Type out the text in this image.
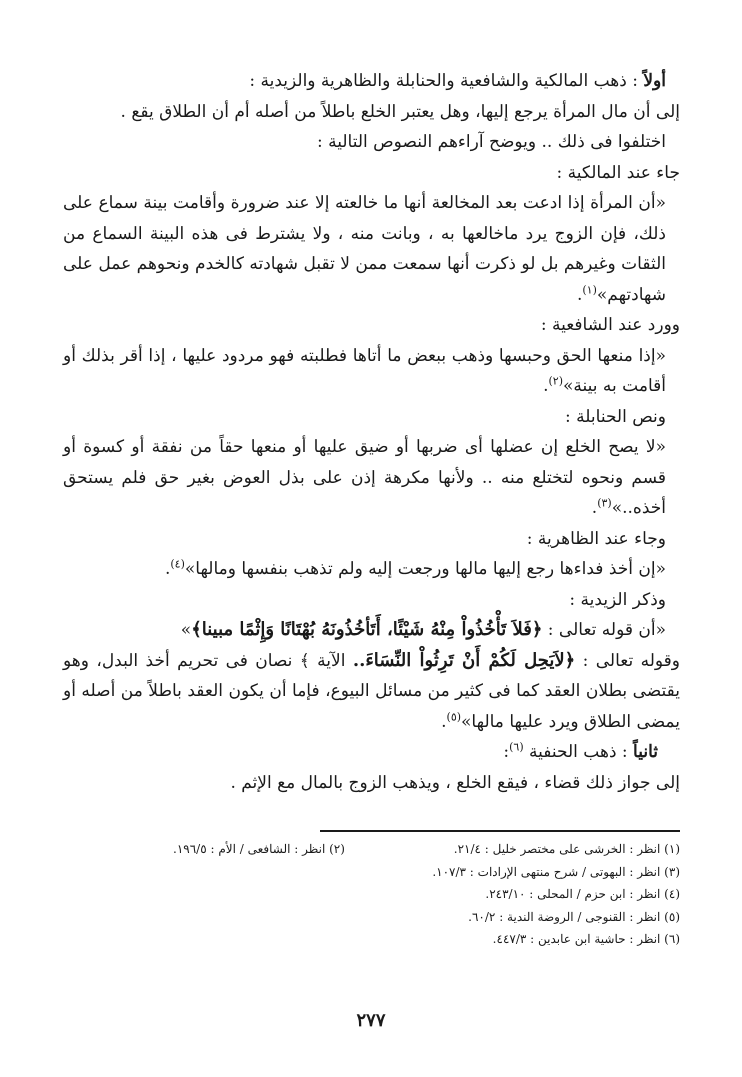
أولاً : ذهب المالكية والشافعية والحنابلة والظاهرية والزيدية :

إلى أن مال المرأة يرجع إليها، وهل يعتبر الخلع باطلاً من أصله أم أن الطلاق يقع .

اختلفوا فى ذلك .. ويوضح آراءهم النصوص التالية :

جاء عند المالكية :

«أن المرأة إذا ادعت بعد المخالعة أنها ما خالعته إلا عند ضرورة وأقامت بينة سماع على ذلك، فإن الزوج يرد ماخالعها به ، وبانت منه ، ولا يشترط فى هذه البينة السماع من الثقات وغيرهم بل لو ذكرت أنها سمعت ممن لا تقبل شهادته كالخدم ونحوهم عمل على شهادتهم»$^{(١)}$.

وورد عند الشافعية :

«إذا منعها الحق وحبسها وذهب ببعض ما أتاها فطلبته فهو مردود عليها ، إذا أقر بذلك أو أقامت به بينة»$^{(٢)}$.

ونص الحنابلة :

«لا يصح الخلع إن عضلها أى ضربها أو ضيق عليها أو منعها حقاً من نفقة أو كسوة أو قسم ونحوه لتختلع منه .. ولأنها مكرهة إذن على بذل العوض بغير حق فلم يستحق أخذه..»$^{(٣)}$.

وجاء عند الظاهرية :

«إن أخذ فداءها رجع إليها مالها ورجعت إليه ولم تذهب بنفسها ومالها»$^{(٤)}$.

وذكر الزيدية :

«أن قوله تعالى : ﴿فَلاَ تَأْخُذُواْ مِنْهُ شَيْئًا، أَتَأخُذُونَهُ بُهْتَانًا وَإِثْمًا مبينا﴾»

وقوله تعالى : ﴿لاَيَحِل لَكُمْ أَنْ تَرِثُواْ النِّسَاءَ.. الآية ﴾ نصان فى تحريم أخذ البدل، وهو يقتضى بطلان العقد كما فى كثير من مسائل البيوع، فإما أن يكون العقد باطلاً من أصله أو يمضى الطلاق ويرد عليها مالها»$^{(٥)}$.

ثانياً : ذهب الحنفية $^{(٦)}$:

إلى جواز ذلك قضاء ، فيقع الخلع ، ويذهب الزوج بالمال مع الإثم .

(١) انظر : الخرشى على مختصر خليل : ٢١/٤.
(٢) انظر : الشافعى / الأم : ١٩٦/٥.
(٣) انظر : البهوتى / شرح منتهى الإرادات : ١٠٧/٣.
(٤) انظر : ابن حزم / المحلى : ٢٤٣/١٠.
(٥) انظر : القنوجى / الروضة الندية : ٦٠/٢.
(٦) انظر : حاشية ابن عابدين : ٤٤٧/٣.
٢٧٧
